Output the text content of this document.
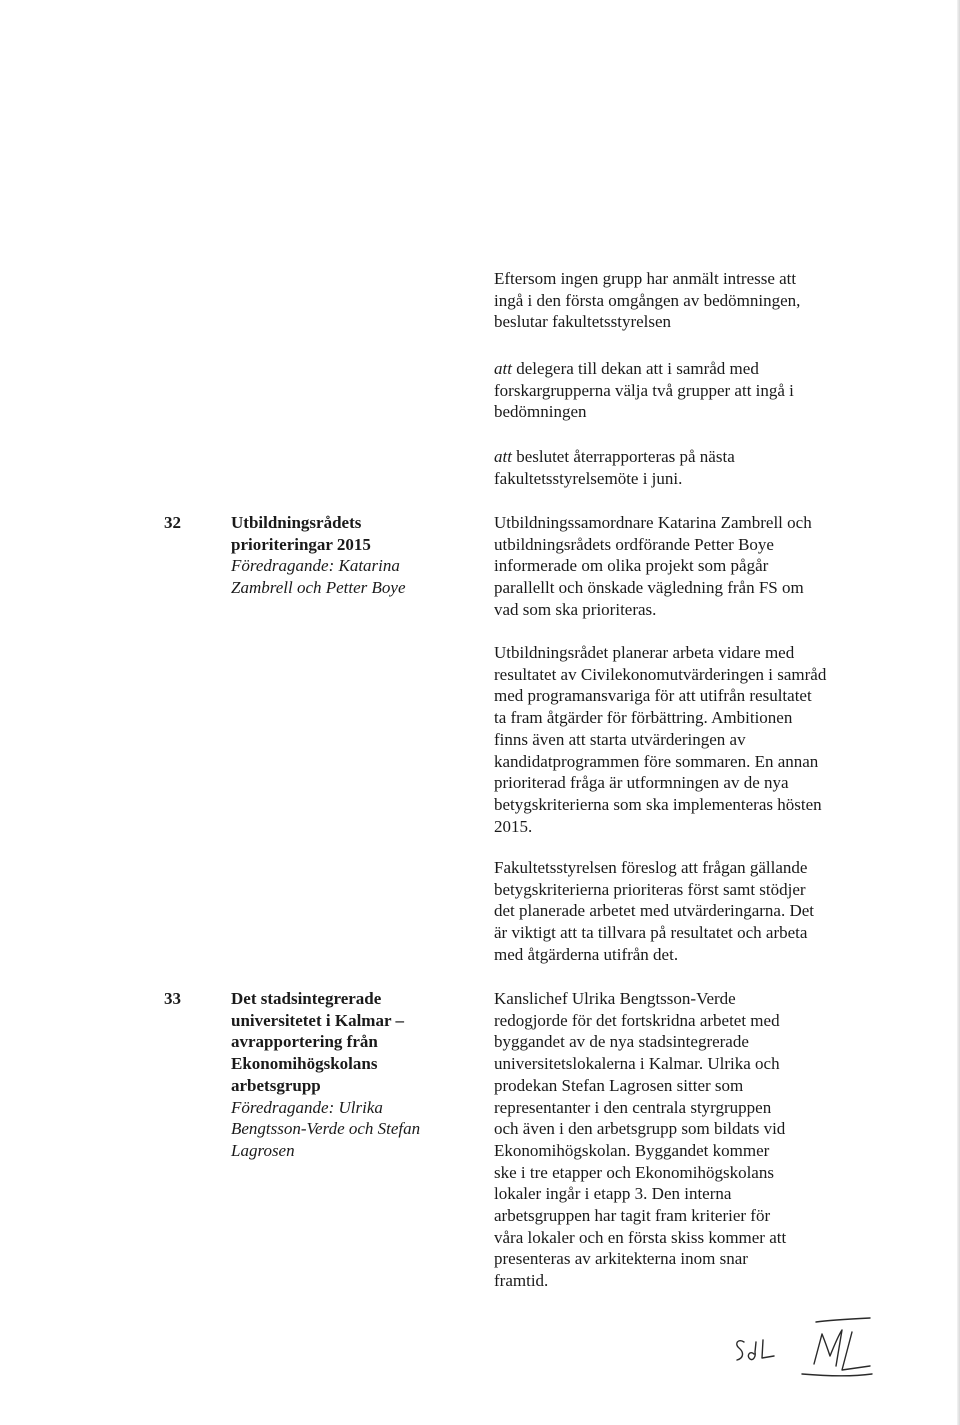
Eftersom ingen grupp har anmält intresse att
ingå i den första omgången av bedömningen,
beslutar fakultetsstyrelsen

att delegera till dekan att i samråd med
forskargrupperna välja två grupper att ingå i
bedömningen

att beslutet återrapporteras på nästa
fakultetsstyrelsemöte i juni.

32	Utbildningsrådets
prioriteringar 2015
Föredragande: Katarina
Zambrell och Petter Boye

Utbildningssamordnare Katarina Zambrell och
utbildningsrådets ordförande Petter Boye
informerade om olika projekt som pågår
parallellt och önskade vägledning från FS om
vad som ska prioriteras.

Utbildningsrådet planerar arbeta vidare med
resultatet av Civilekonomutvärderingen i samråd
med programansvariga för att utifrån resultatet
ta fram åtgärder för förbättring. Ambitionen
finns även att starta utvärderingen av
kandidatprogrammen före sommaren. En annan
prioriterad fråga är utformningen av de nya
betygskriterierna som ska implementeras hösten
2015.

Fakultetsstyrelsen föreslog att frågan gällande
betygskriterierna prioriteras först samt stödjer
det planerade arbetet med utvärderingarna. Det
är viktigt att ta tillvara på resultatet och arbeta
med åtgärderna utifrån det.

33	Det stadsintegrerade
universitetet i Kalmar –
avrapportering från
Ekonomihögskolans
arbetsgrupp
Föredragande: Ulrika
Bengtsson-Verde och Stefan
Lagrosen

Kanslichef Ulrika Bengtsson-Verde
redogjorde för det fortskridna arbetet med
byggandet av de nya stadsintegrerade
universitetslokalerna i Kalmar. Ulrika och
prodekan Stefan Lagrosen sitter som
representanter i den centrala styrgruppen
och även i den arbetsgrupp som bildats vid
Ekonomihögskolan. Byggandet kommer
ske i tre etapper och Ekonomihögskolans
lokaler ingår i etapp 3. Den interna
arbetsgruppen har tagit fram kriterier för
våra lokaler och en första skiss kommer att
presenteras av arkitekterna inom snar
framtid.
